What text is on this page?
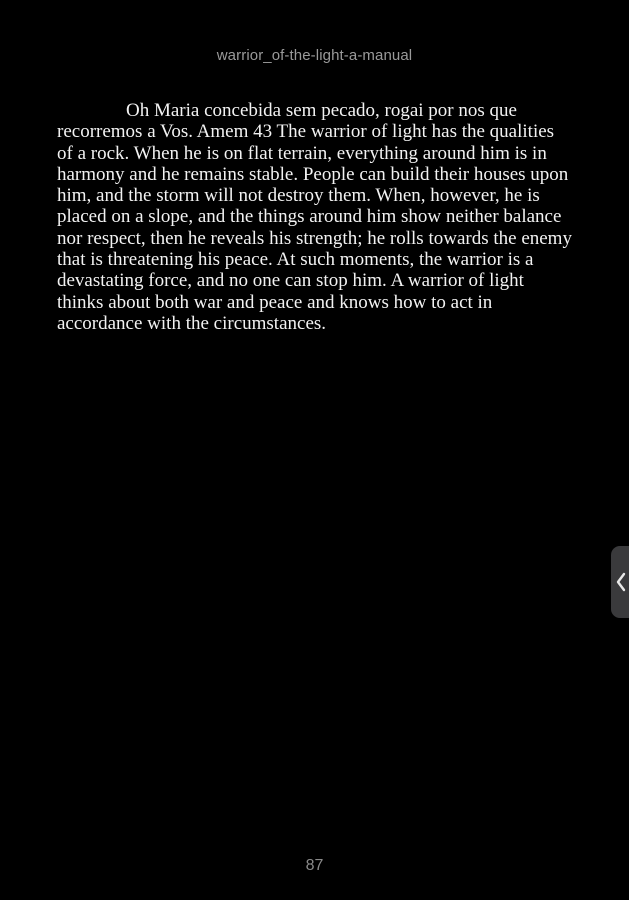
warrior_of-the-light-a-manual

Oh Maria concebida sem pecado, rogai por nos que recorremos a Vos. Amem 43 The warrior of light has the qualities of a rock. When he is on flat terrain, everything around him is in harmony and he remains stable. People can build their houses upon him, and the storm will not destroy them. When, however, he is placed on a slope, and the things around him show neither balance nor respect, then he reveals his strength; he rolls towards the enemy that is threatening his peace. At such moments, the warrior is a devastating force, and no one can stop him. A warrior of light thinks about both war and peace and knows how to act in accordance with the circumstances.

87
